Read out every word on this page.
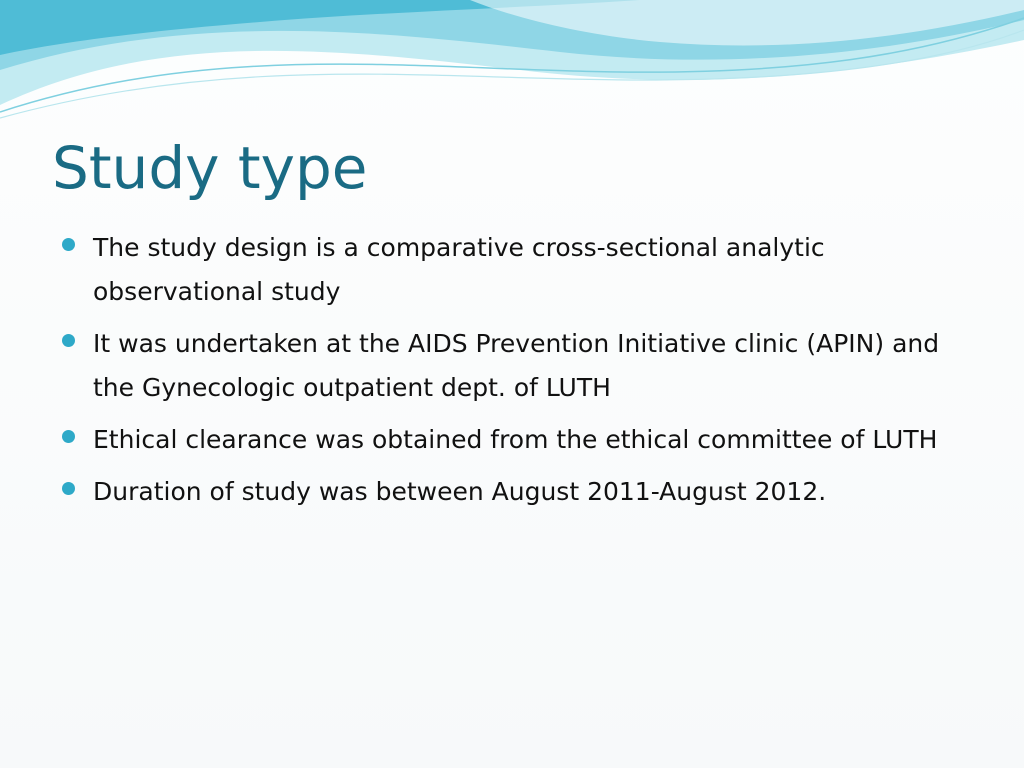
Study type
The study design is a comparative cross-sectional analytic observational study
It was undertaken at the AIDS Prevention Initiative clinic (APIN) and the Gynecologic outpatient dept. of LUTH
Ethical clearance was obtained from the ethical committee of LUTH
Duration of study was between August 2011-August 2012.
